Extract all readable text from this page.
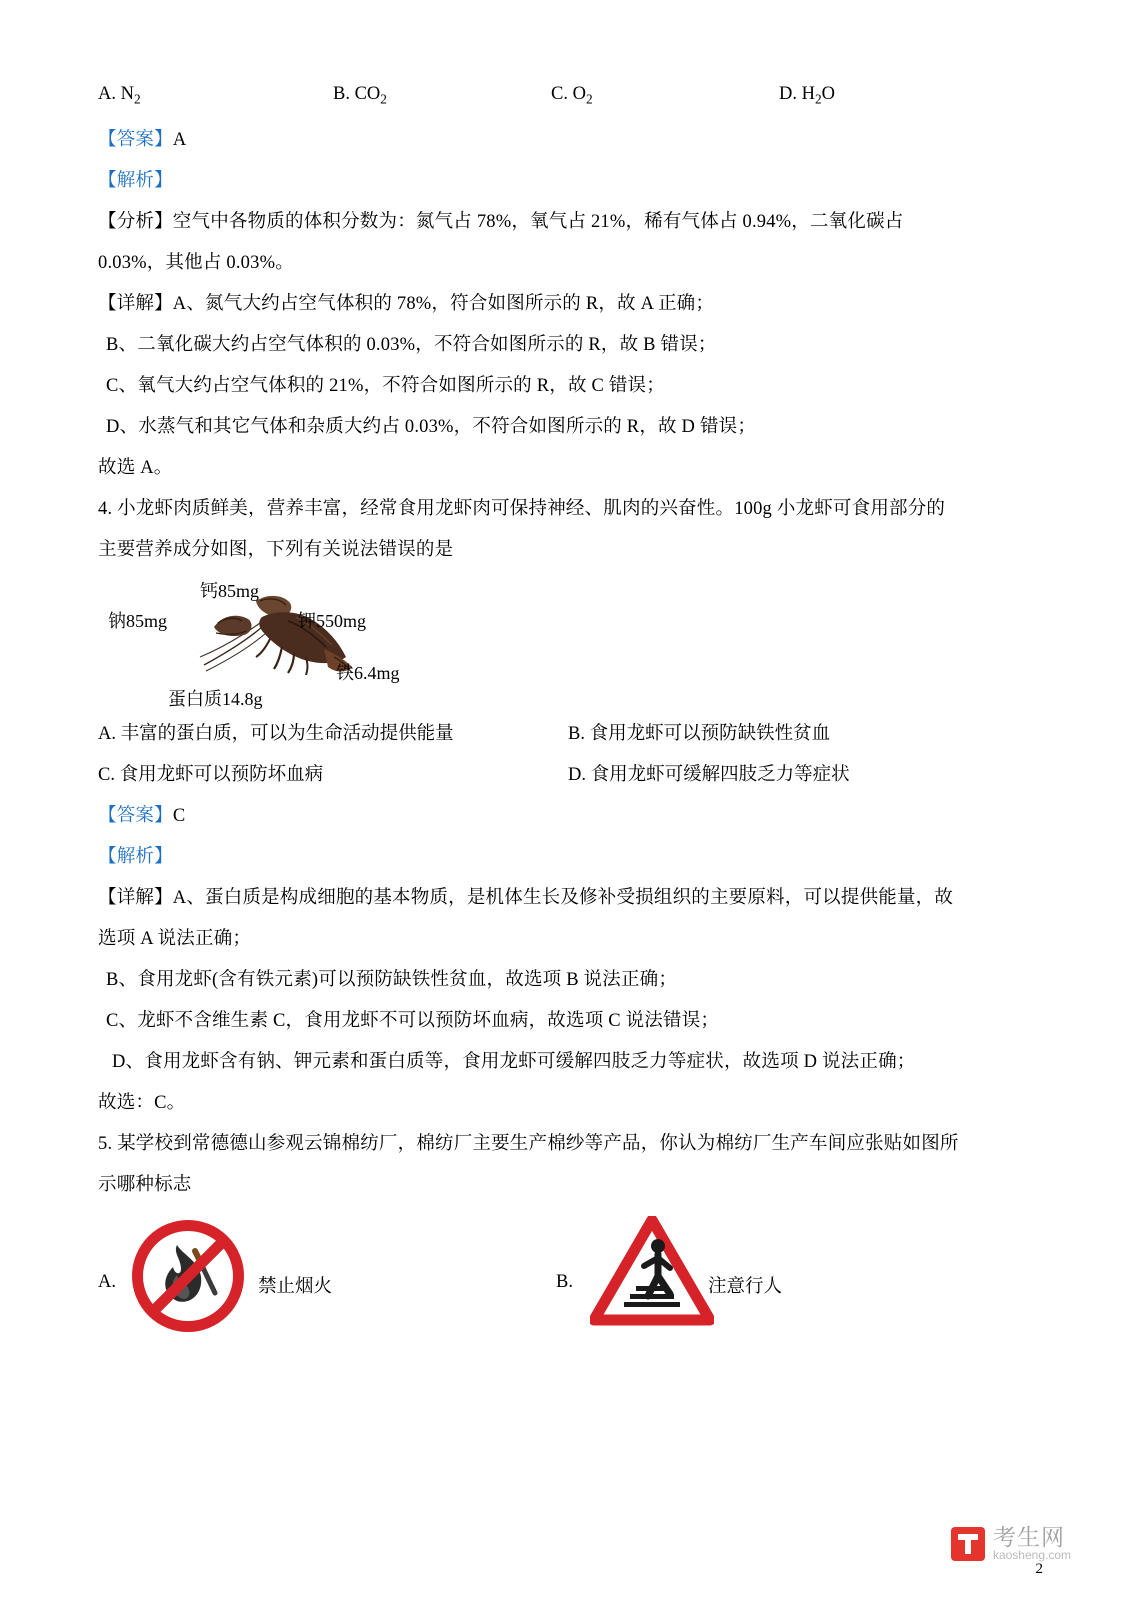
A. $N_2$	B. $CO_2$	C. $O_2$	D. $H_2O$
【答案】A
【解析】
【分析】空气中各物质的体积分数为：氮气占 78%，氧气占 21%，稀有气体占 0.94%，二氧化碳占
0.03%，其他占 0.03%。
【详解】A、氮气大约占空气体积的 78%，符合如图所示的 R，故 A 正确；
B、二氧化碳大约占空气体积的 0.03%，不符合如图所示的 R，故 B 错误；
C、氧气大约占空气体积的 21%，不符合如图所示的 R，故 C 错误；
D、水蒸气和其它气体和杂质大约占 0.03%，不符合如图所示的 R，故 D 错误；
故选 A。
4. 小龙虾肉质鲜美，营养丰富，经常食用龙虾肉可保持神经、肌肉的兴奋性。100g 小龙虾可食用部分的
主要营养成分如图，下列有关说法错误的是
钠85mg
钙85mg
钾550mg
铁6.4mg
蛋白质14.8g
A. 丰富的蛋白质，可以为生命活动提供能量	B. 食用龙虾可以预防缺铁性贫血
C. 食用龙虾可以预防坏血病	D. 食用龙虾可缓解四肢乏力等症状
【答案】C
【解析】
【详解】A、蛋白质是构成细胞的基本物质，是机体生长及修补受损组织的主要原料，可以提供能量，故
选项 A 说法正确；
B、食用龙虾(含有铁元素)可以预防缺铁性贫血，故选项 B 说法正确；
C、龙虾不含维生素 C，食用龙虾不可以预防坏血病，故选项 C 说法错误；
D、食用龙虾含有钠、钾元素和蛋白质等，食用龙虾可缓解四肢乏力等症状，故选项 D 说法正确；
故选：C。
5. 某学校到常德德山参观云锦棉纺厂，棉纺厂主要生产棉纱等产品，你认为棉纺厂生产车间应张贴如图所
示哪种标志
A.	禁止烟火	B.	注意行人
考生网
kaosheng.com
2
